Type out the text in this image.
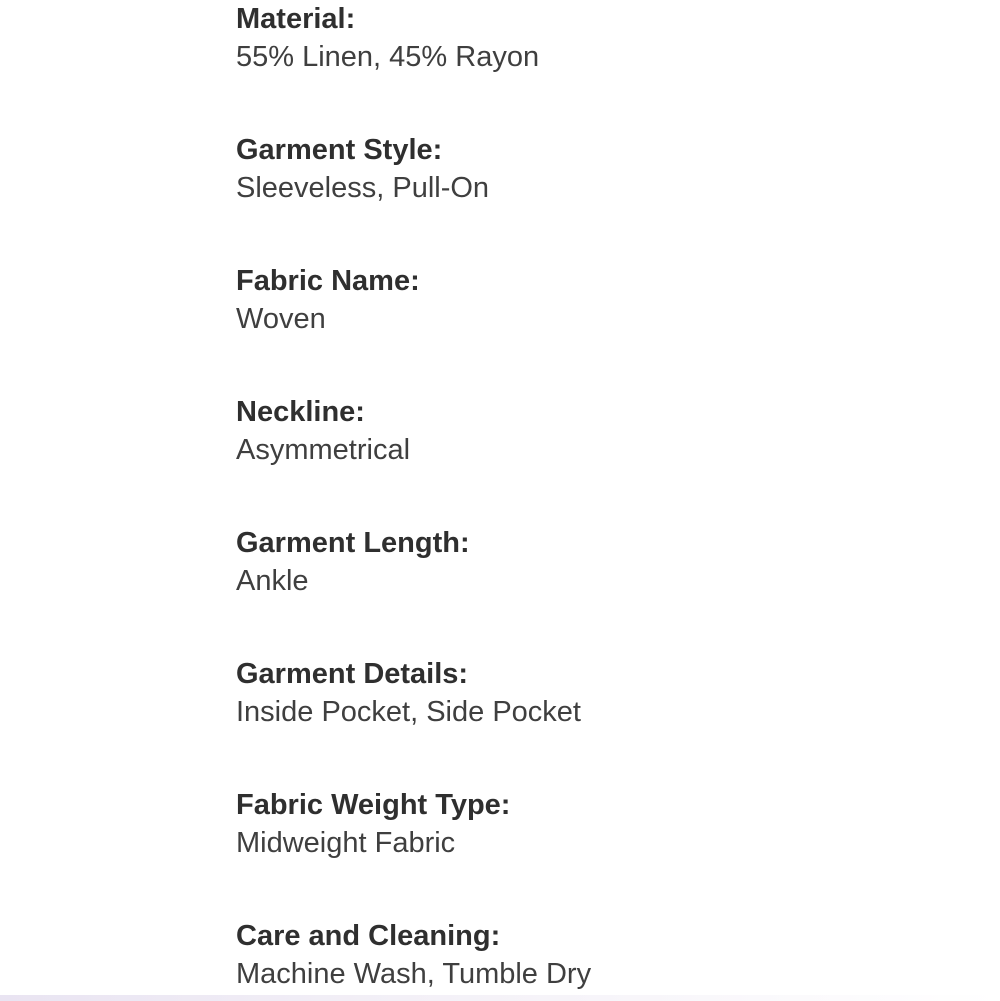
Material:
55% Linen, 45% Rayon
Garment Style:
Sleeveless, Pull-On
Fabric Name:
Woven
Neckline:
Asymmetrical
Garment Length:
Ankle
Garment Details:
Inside Pocket, Side Pocket
Fabric Weight Type:
Midweight Fabric
Care and Cleaning:
Machine Wash, Tumble Dry
